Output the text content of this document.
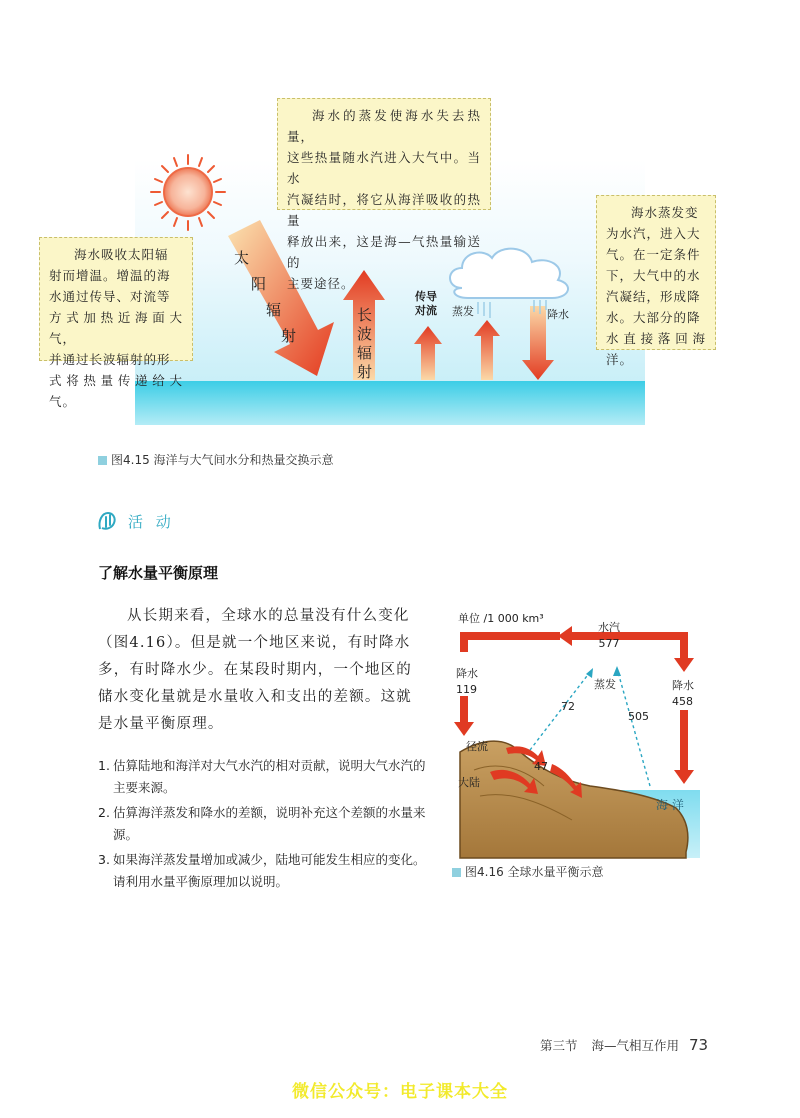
太
阳
辐
射
长
波
辐
射
传导
对流 蒸发	降水
海水的蒸发使海水失去热量，
这些热量随水汽进入大气中。当水
汽凝结时，将它从海洋吸收的热量
释放出来，这是海—气热量输送的
主要途径。
海水吸收太阳辐
射而增温。增温的海
水通过传导、对流等
方式加热近海面大气，
并通过长波辐射的形
式将热量传递给大气。
海水蒸发变
为水汽，进入大
气。在一定条件
下，大气中的水
汽凝结，形成降
水。大部分的降
水直接落回海洋。
图4.15 海洋与大气间水分和热量交换示意
活 动
了解水量平衡原理
从长期来看，全球水的总量没有什么变化
（图4.16）。但是就一个地区来说，有时降水
多，有时降水少。在某段时期内，一个地区的
储水变化量就是水量收入和支出的差额。这就
是水量平衡原理。
1. 估算陆地和海洋对大气水汽的相对贡献，说明大气水汽的主要来源。
2. 估算海洋蒸发和降水的差额，说明补充这个差额的水量来源。
3. 如果海洋蒸发量增加或减少，陆地可能发生相应的变化。请利用水量平衡原理加以说明。
单位 /1 000 km³
水汽
577
降水
119	降水
458
蒸发
72
505
径流
47
大陆
海 洋
图4.16 全球水量平衡示意
第三节 海—气相互作用 73
微信公众号：电子课本大全
